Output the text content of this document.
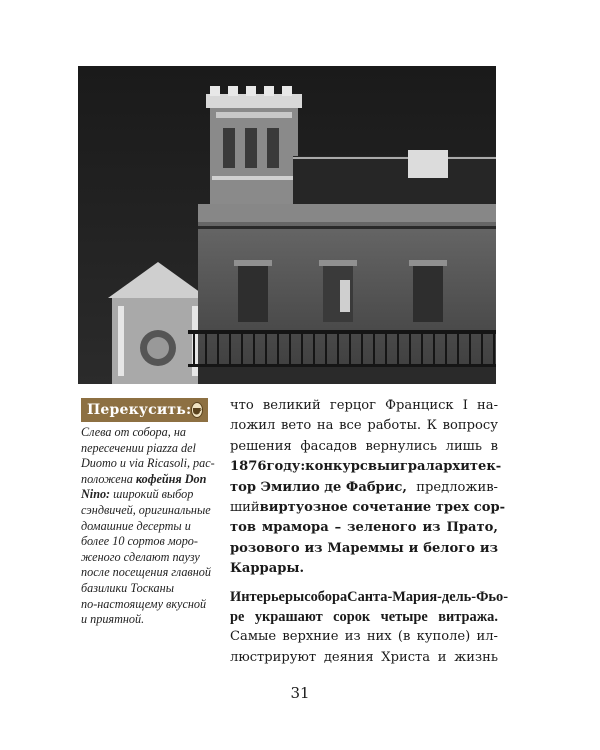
Перекусить:
Слева от собора, на
пересечении piazza del
Duomo и via Ricasoli, рас-
положена кофейня Don
Nino: широкий выбор
сэндвичей, оригинальные
домашние десерты и
более 10 сортов моро-
женого сделают паузу
после посещения главной
базилики Тосканы
по-настоящему вкусной
и приятной.
что великий герцог Франциск I на-
ложил вето на все работы. К вопросу
решения фасадов вернулись лишь в
1876 году: конкурс выиграл архитек-
тор Эмилио де Фабрис, предложив-
ший виртуозное сочетание трех сор-
тов мрамора – зеленого из Прато,
розового из Мареммы и белого из
Каррары.
Интерьеры собора Санта-Мария-дель-Фьо-
ре украшают сорок четыре витража.
Самые верхние из них (в куполе) ил-
люстрируют деяния Христа и жизнь
31
